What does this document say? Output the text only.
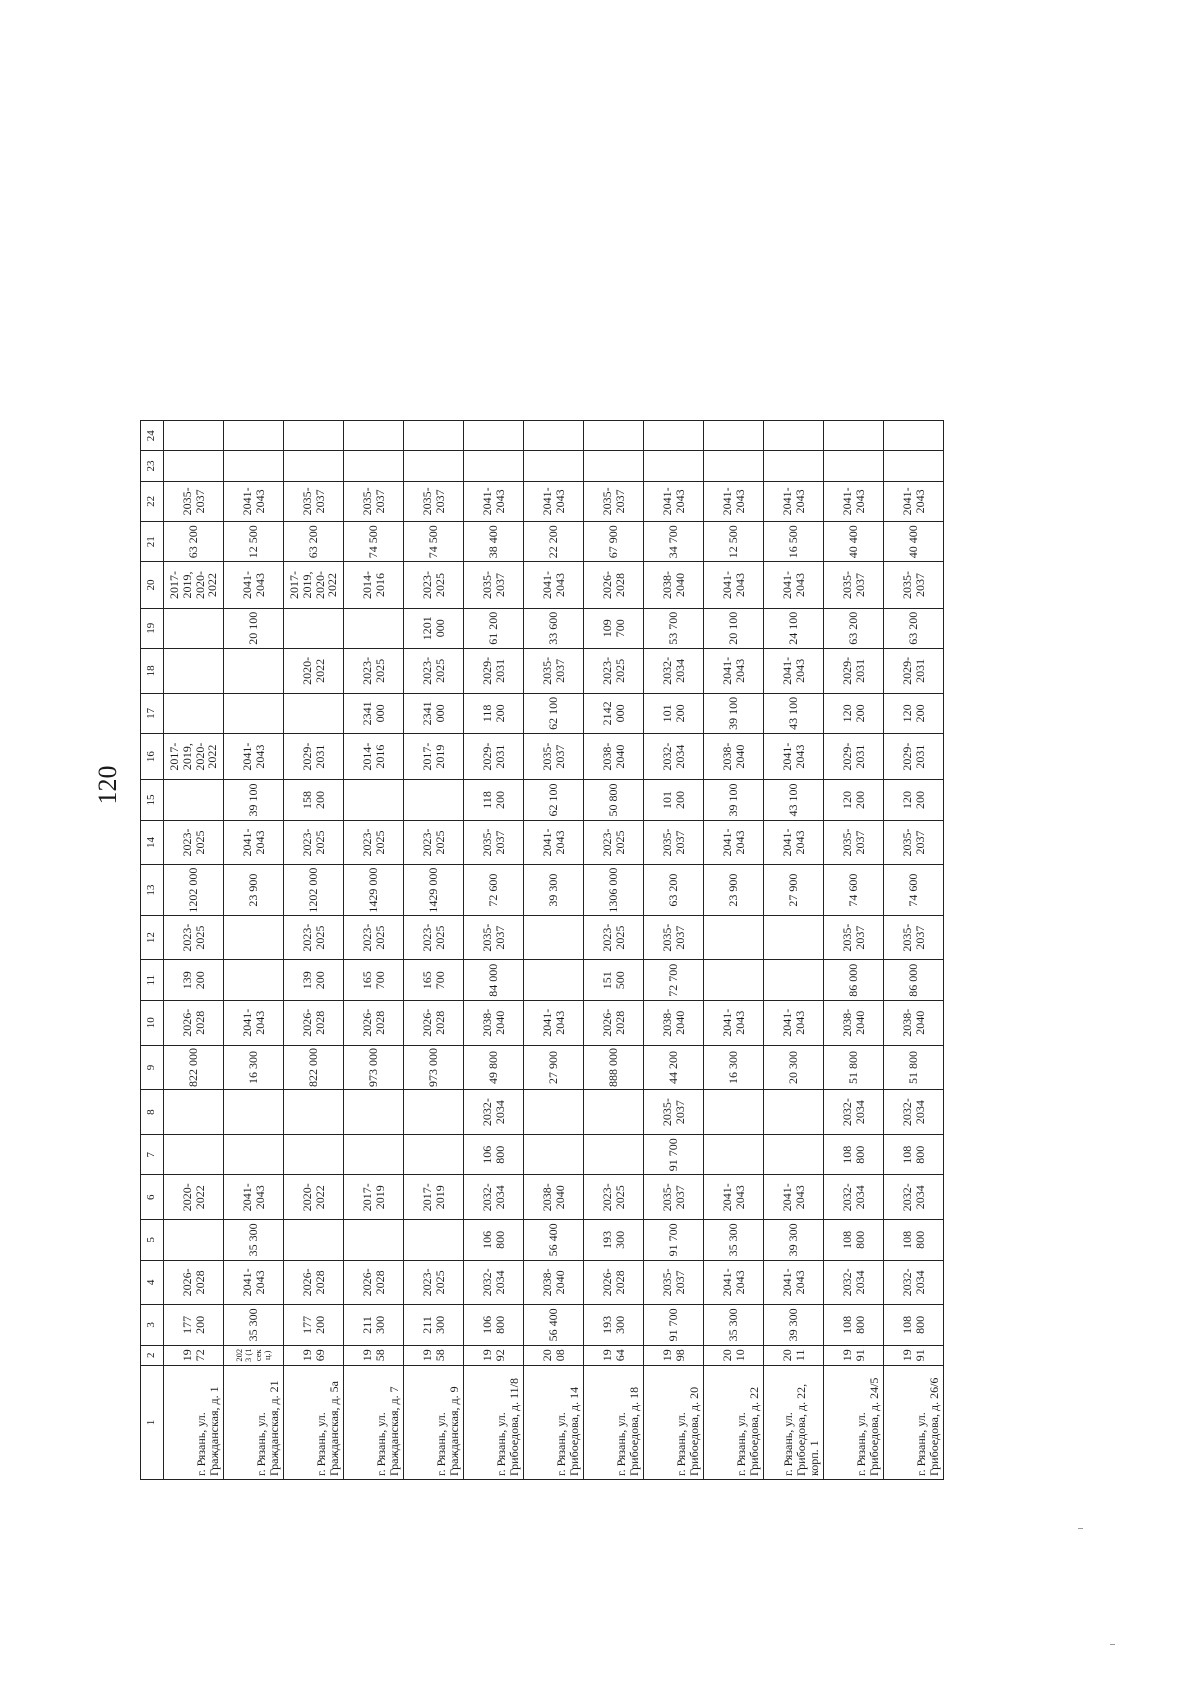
120
1	2	3	4	5	6	7	8	9	10	11	12	13	14	15	16	17	18	19	20	21	22	23	24
г. Рязань, ул. Гражданская, д. 1	1972	177 200	2026-2028		2020-2022			822 000	2026-2028	139 200	2023-2025	1202 000	2023-2025		2017-2019, 2020-2022				2017-2019, 2020-2022	63 200	2035-2037		
г. Рязань, ул. Гражданская, д. 21	2023 (1 секц.)	35 300	2041-2043	35 300	2041-2043			16 300	2041-2043			23 900	2041-2043	39 100	2041-2043			20 100	2041-2043	12 500	2041-2043		
г. Рязань, ул. Гражданская, д. 5а	1969	177 200	2026-2028		2020-2022			822 000	2026-2028	139 200	2023-2025	1202 000	2023-2025	158 200	2029-2031		2020-2022		2017-2019, 2020-2022	63 200	2035-2037		
г. Рязань, ул. Гражданская, д. 7	1958	211 300	2026-2028		2017-2019			973 000	2026-2028	165 700	2023-2025	1429 000	2023-2025		2014-2016	2341 000	2023-2025		2014-2016	74 500	2035-2037		
г. Рязань, ул. Гражданская, д. 9	1958	211 300	2023-2025		2017-2019			973 000	2026-2028	165 700	2023-2025	1429 000	2023-2025		2017-2019	2341 000	2023-2025	1201 000	2023-2025	74 500	2035-2037		
г. Рязань, ул. Грибоедова, д. 11/8	1992	106 800	2032-2034	106 800	2032-2034	106 800	2032-2034	49 800	2038-2040	84 000	2035-2037	72 600	2035-2037	118 200	2029-2031	118 200	2029-2031	61 200	2035-2037	38 400	2041-2043		
г. Рязань, ул. Грибоедова, д. 14	2008	56 400	2038-2040	56 400	2038-2040			27 900	2041-2043			39 300	2041-2043	62 100	2035-2037	62 100	2035-2037	33 600	2041-2043	22 200	2041-2043		
г. Рязань, ул. Грибоедова, д. 18	1964	193 300	2026-2028	193 300	2023-2025			888 000	2026-2028	151 500	2023-2025	1306 000	2023-2025	50 800	2038-2040	2142 000	2023-2025	109 700	2026-2028	67 900	2035-2037		
г. Рязань, ул. Грибоедова, д. 20	1998	91 700	2035-2037	91 700	2035-2037	91 700	2035-2037	44 200	2038-2040	72 700	2035-2037	63 200	2035-2037	101 200	2032-2034	101 200	2032-2034	53 700	2038-2040	34 700	2041-2043		
г. Рязань, ул. Грибоедова, д. 22	2010	35 300	2041-2043	35 300	2041-2043			16 300	2041-2043			23 900	2041-2043	39 100	2038-2040	39 100	2041-2043	20 100	2041-2043	12 500	2041-2043		
г. Рязань, ул. Грибоедова, д. 22, корп. 1	2011	39 300	2041-2043	39 300	2041-2043			20 300	2041-2043			27 900	2041-2043	43 100	2041-2043	43 100	2041-2043	24 100	2041-2043	16 500	2041-2043		
г. Рязань, ул. Грибоедова, д. 24/5	1991	108 800	2032-2034	108 800	2032-2034	108 800	2032-2034	51 800	2038-2040	86 000	2035-2037	74 600	2035-2037	120 200	2029-2031	120 200	2029-2031	63 200	2035-2037	40 400	2041-2043		
г. Рязань, ул. Грибоедова, д. 26/6	1991	108 800	2032-2034	108 800	2032-2034	108 800	2032-2034	51 800	2038-2040	86 000	2035-2037	74 600	2035-2037	120 200	2029-2031	120 200	2029-2031	63 200	2035-2037	40 400	2041-2043		
